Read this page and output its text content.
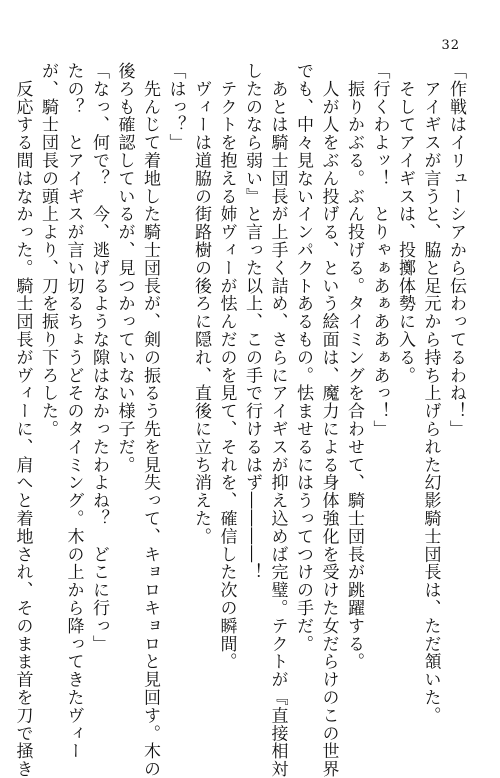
32
「作戦はイリューシアから伝わってるわね！」
　アイギスが言うと、脇と足元から持ち上げられた幻影騎士団長は、ただ頷いた。
　そしてアイギスは、投擲体勢に入る。
「行くわよッ！　とりゃぁあぁああぁあっ！」
　振りかぶる。ぶん投げる。タイミングを合わせて、騎士団長が跳躍する。
　人が人をぶん投げる、という絵面は、魔力による身体強化を受けた女だらけのこの世界
でも、中々見ないインパクトあるもの。怯ませるにはうってつけの手だ。
　あとは騎士団長が上手く詰め、さらにアイギスが抑え込めば完璧。テクトが『直接相対
したのなら弱い』と言った以上、この手で行けるはず――――！
　テクトを抱える姉ヴィーが怯んだのを見て、それを、確信した次の瞬間。
　ヴィーは道脇の街路樹の後ろに隠れ、直後に立ち消えた。
「はっ？」
　先んじて着地した騎士団長が、剣の振るう先を見失って、キョロキョロと見回す。木の
後ろも確認しているが、見つかっていない様子だ。
「なっ、何で？　今、逃げるような隙はなかったわよね？　どこに行っ」
たの？　とアイギスが言い切るちょうどそのタイミング。木の上から降ってきたヴィー
が、騎士団長の頭上より、刀を振り下ろした。
　反応する間はなかった。騎士団長がヴィーに、肩へと着地され、そのまま首を刀で掻き
